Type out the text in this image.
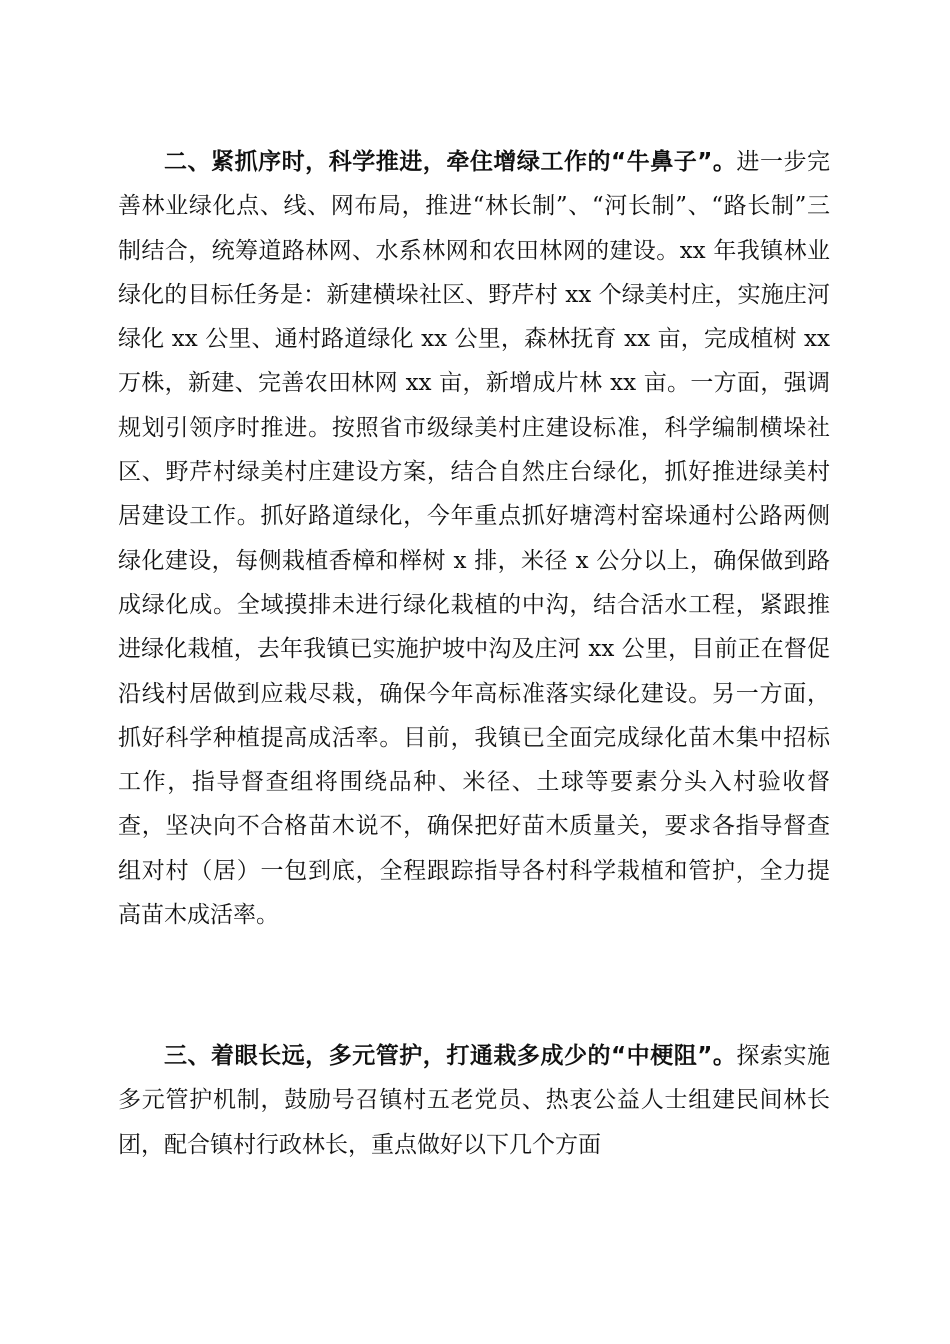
二、紧抓序时，科学推进，牵住增绿工作的“牛鼻子”。进一步完善林业绿化点、线、网布局，推进“林长制”、“河长制”、“路长制”三制结合，统筹道路林网、水系林网和农田林网的建设。xx 年我镇林业绿化的目标任务是：新建横垛社区、野芹村 xx 个绿美村庄，实施庄河绿化 xx 公里、通村路道绿化 xx 公里，森林抚育 xx 亩，完成植树 xx 万株，新建、完善农田林网 xx 亩，新增成片林 xx 亩。一方面，强调规划引领序时推进。按照省市级绿美村庄建设标准，科学编制横垛社区、野芹村绿美村庄建设方案，结合自然庄台绿化，抓好推进绿美村居建设工作。抓好路道绿化，今年重点抓好塘湾村窑垛通村公路两侧绿化建设，每侧栽植香樟和榉树 x 排，米径 x 公分以上，确保做到路成绿化成。全域摸排未进行绿化栽植的中沟，结合活水工程，紧跟推进绿化栽植，去年我镇已实施护坡中沟及庄河 xx 公里，目前正在督促沿线村居做到应栽尽栽，确保今年高标准落实绿化建设。另一方面，抓好科学种植提高成活率。目前，我镇已全面完成绿化苗木集中招标工作，指导督查组将围绕品种、米径、土球等要素分头入村验收督查，坚决向不合格苗木说不，确保把好苗木质量关，要求各指导督查组对村（居）一包到底，全程跟踪指导各村科学栽植和管护，全力提高苗木成活率。

三、着眼长远，多元管护，打通栽多成少的“中梗阻”。探索实施多元管护机制，鼓励号召镇村五老党员、热衷公益人士组建民间林长团，配合镇村行政林长，重点做好以下几个方面
